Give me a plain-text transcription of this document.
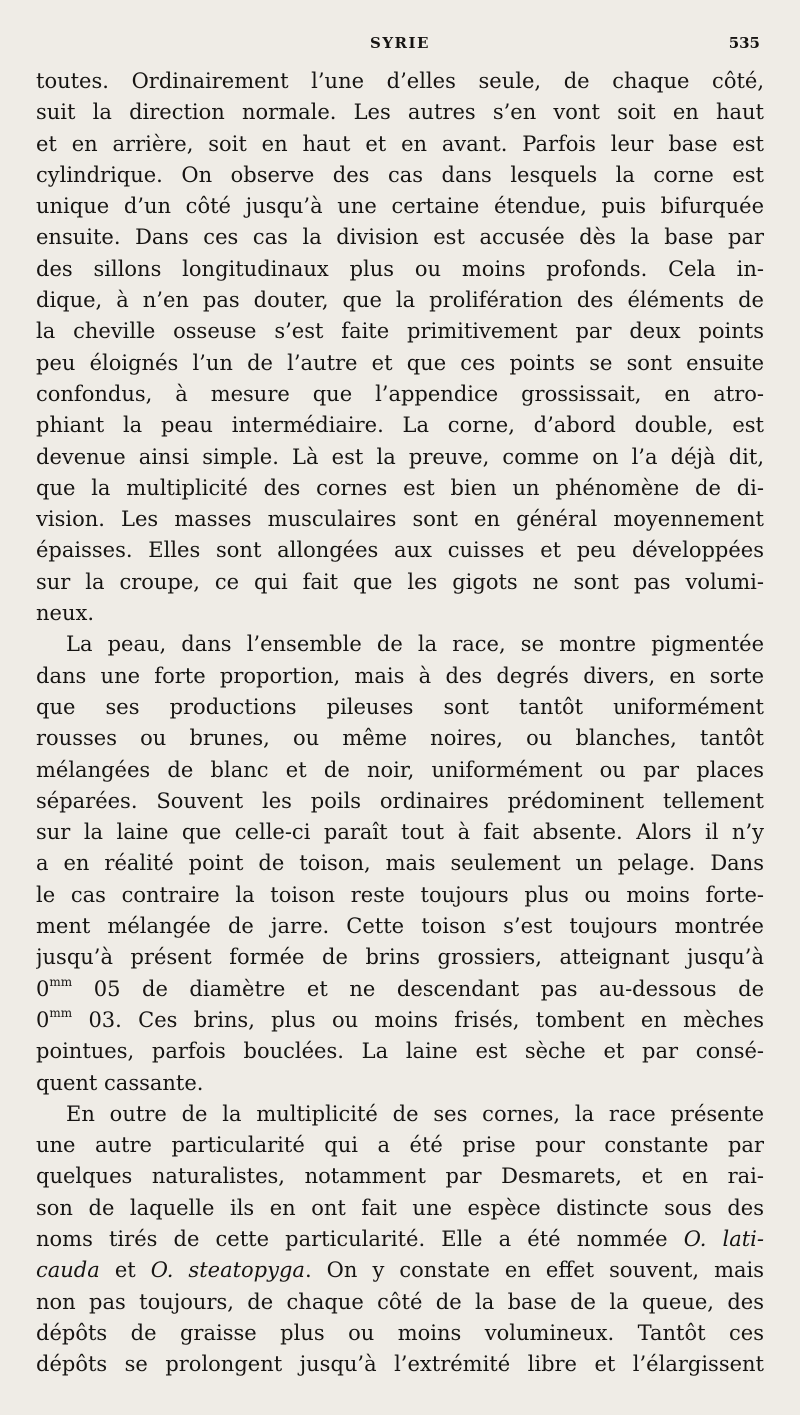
SYRIE	535
toutes. Ordinairement l’une d’elles seule, de chaque côté,
suit la direction normale. Les autres s’en vont soit en haut
et en arrière, soit en haut et en avant. Parfois leur base est
cylindrique. On observe des cas dans lesquels la corne est
unique d’un côté jusqu’à une certaine étendue, puis bifurquée
ensuite. Dans ces cas la division est accusée dès la base par
des sillons longitudinaux plus ou moins profonds. Cela in-
dique, à n’en pas douter, que la prolifération des éléments de
la cheville osseuse s’est faite primitivement par deux points
peu éloignés l’un de l’autre et que ces points se sont ensuite
confondus, à mesure que l’appendice grossissait, en atro-
phiant la peau intermédiaire. La corne, d’abord double, est
devenue ainsi simple. Là est la preuve, comme on l’a déjà dit,
que la multiplicité des cornes est bien un phénomène de di-
vision. Les masses musculaires sont en général moyennement
épaisses. Elles sont allongées aux cuisses et peu développées
sur la croupe, ce qui fait que les gigots ne sont pas volumi-
neux.
La peau, dans l’ensemble de la race, se montre pigmentée
dans une forte proportion, mais à des degrés divers, en sorte
que ses productions pileuses sont tantôt uniformément
rousses ou brunes, ou même noires, ou blanches, tantôt
mélangées de blanc et de noir, uniformément ou par places
séparées. Souvent les poils ordinaires prédominent tellement
sur la laine que celle-ci paraît tout à fait absente. Alors il n’y
a en réalité point de toison, mais seulement un pelage. Dans
le cas contraire la toison reste toujours plus ou moins forte-
ment mélangée de jarre. Cette toison s’est toujours montrée
jusqu’à présent formée de brins grossiers, atteignant jusqu’à
$0^{mm}$ 05 de diamètre et ne descendant pas au-dessous de
$0^{mm}$ 03. Ces brins, plus ou moins frisés, tombent en mèches
pointues, parfois bouclées. La laine est sèche et par consé-
quent cassante.
En outre de la multiplicité de ses cornes, la race présente
une autre particularité qui a été prise pour constante par
quelques naturalistes, notamment par Desmarets, et en rai-
son de laquelle ils en ont fait une espèce distincte sous des
noms tirés de cette particularité. Elle a été nommée O. lati-
cauda et O. steatopyga. On y constate en effet souvent, mais
non pas toujours, de chaque côté de la base de la queue, des
dépôts de graisse plus ou moins volumineux. Tantôt ces
dépôts se prolongent jusqu’à l’extrémité libre et l’élargissent
